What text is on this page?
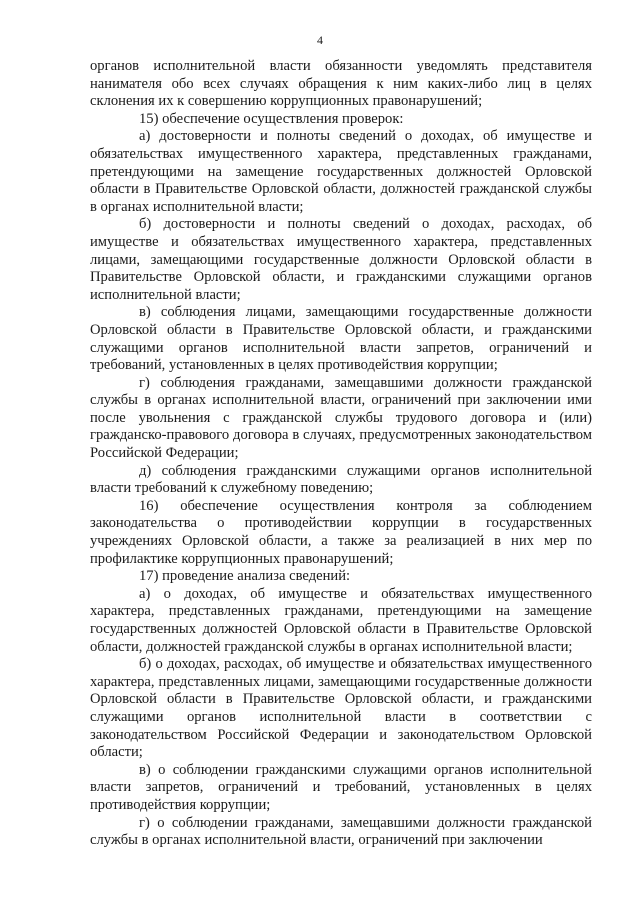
4

органов исполнительной власти обязанности уведомлять представителя нанимателя обо всех случаях обращения к ним каких-либо лиц в целях склонения их к совершению коррупционных правонарушений;

15) обеспечение осуществления проверок:

а) достоверности и полноты сведений о доходах, об имуществе и обязательствах имущественного характера, представленных гражданами, претендующими на замещение государственных должностей Орловской области в Правительстве Орловской области, должностей гражданской службы в органах исполнительной власти;

б) достоверности и полноты сведений о доходах, расходах, об имуществе и обязательствах имущественного характера, представленных лицами, замещающими государственные должности Орловской области в Правительстве Орловской области, и гражданскими служащими органов исполнительной власти;

в) соблюдения лицами, замещающими государственные должности Орловской области в Правительстве Орловской области, и гражданскими служащими органов исполнительной власти запретов, ограничений и требований, установленных в целях противодействия коррупции;

г) соблюдения гражданами, замещавшими должности гражданской службы в органах исполнительной власти, ограничений при заключении ими после увольнения с гражданской службы трудового договора и (или) гражданско-правового договора в случаях, предусмотренных законодательством Российской Федерации;

д) соблюдения гражданскими служащими органов исполнительной власти требований к служебному поведению;

16) обеспечение осуществления контроля за соблюдением законодательства о противодействии коррупции в государственных учреждениях Орловской области, а также за реализацией в них мер по профилактике коррупционных правонарушений;

17) проведение анализа сведений:

а) о доходах, об имуществе и обязательствах имущественного характера, представленных гражданами, претендующими на замещение государственных должностей Орловской области в Правительстве Орловской области, должностей гражданской службы в органах исполнительной власти;

б) о доходах, расходах, об имуществе и обязательствах имущественного характера, представленных лицами, замещающими государственные должности Орловской области в Правительстве Орловской области, и гражданскими служащими органов исполнительной власти в соответствии с законодательством Российской Федерации и законодательством Орловской области;

в) о соблюдении гражданскими служащими органов исполнительной власти запретов, ограничений и требований, установленных в целях противодействия коррупции;

г) о соблюдении гражданами, замещавшими должности гражданской службы в органах исполнительной власти, ограничений при заключении
